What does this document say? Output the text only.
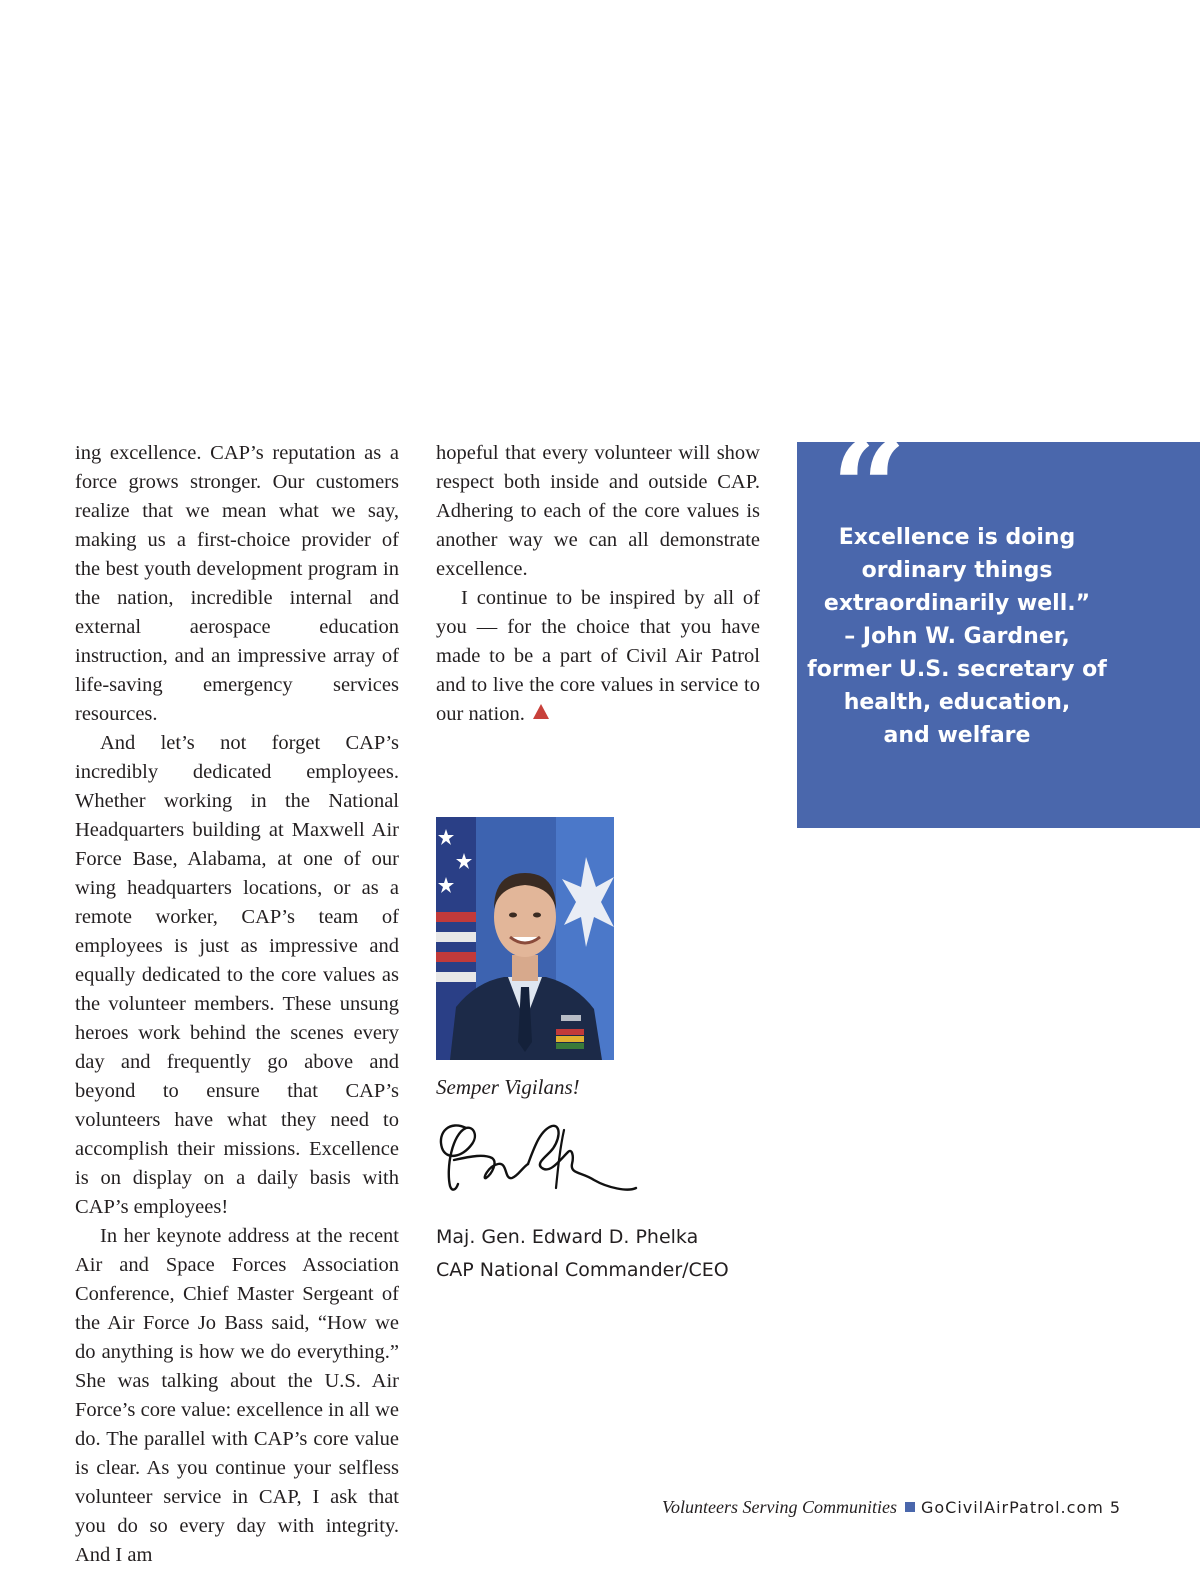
ing excellence. CAP’s reputation as a force grows stronger. Our customers realize that we mean what we say, making us a first-choice provider of the best youth development program in the nation, incredible internal and external aerospace education instruction, and an impressive array of life-saving emergency services resources.

And let’s not forget CAP’s incredibly dedicated employees. Whether working in the National Headquarters building at Maxwell Air Force Base, Alabama, at one of our wing headquarters locations, or as a remote worker, CAP’s team of employees is just as impressive and equally dedicated to the core values as the volunteer members. These unsung heroes work behind the scenes every day and frequently go above and beyond to ensure that CAP’s volunteers have what they need to accomplish their missions. Excellence is on display on a daily basis with CAP’s employees!

In her keynote address at the recent Air and Space Forces Association Conference, Chief Master Sergeant of the Air Force Jo Bass said, “How we do anything is how we do everything.” She was talking about the U.S. Air Force’s core value: excellence in all we do. The parallel with CAP’s core value is clear. As you continue your selfless volunteer service in CAP, I ask that you do so every day with integrity. And I am

hopeful that every volunteer will show respect both inside and outside CAP. Adhering to each of the core values is another way we can all demonstrate excellence.

I continue to be inspired by all of you — for the choice that you have made to be a part of Civil Air Patrol and to live the core values in service to our nation.

“
Excellence is doing
ordinary things
extraordinarily well.”
– John W. Gardner,
former U.S. secretary of
health, education,
and welfare
Semper Vigilans!
Maj. Gen. Edward D. Phelka
CAP National Commander/CEO
Volunteers Serving Communities GoCivilAirPatrol.com 5
